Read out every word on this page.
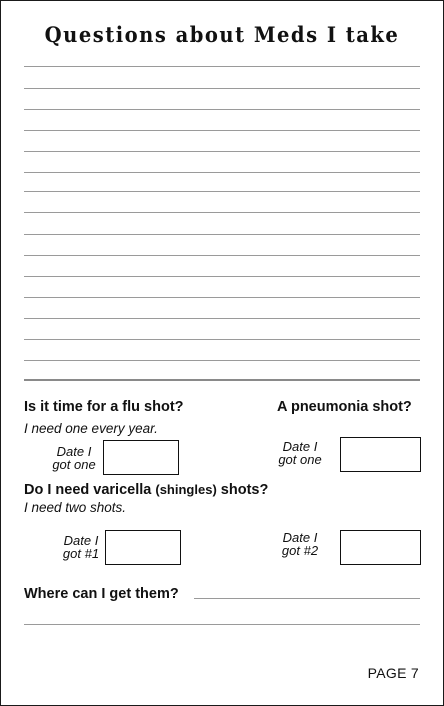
Questions about Meds I take
Is it time for a flu shot?
I need one every year.
Date I
got one
A pneumonia shot?
Date I
got one
Do I need varicella (shingles) shots?
I need two shots.
Date I
got #1
Date I
got #2
Where can I get them?
PAGE 7
